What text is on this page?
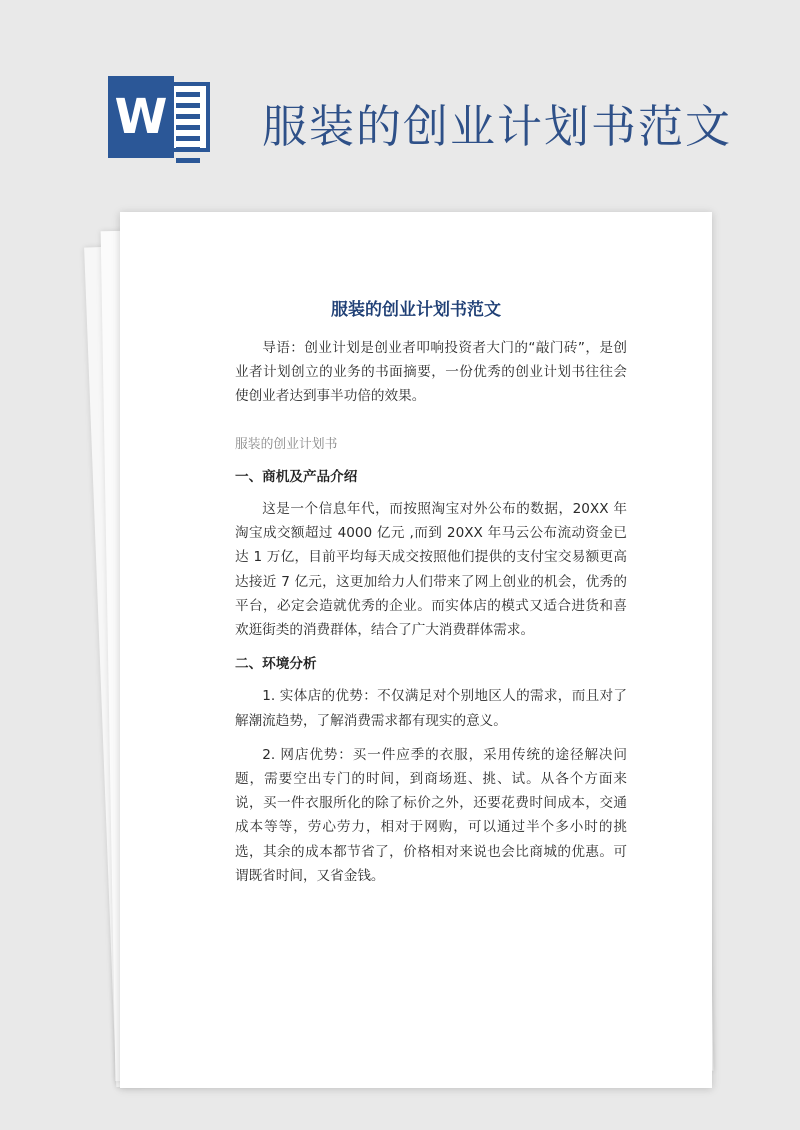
W 服装的创业计划书范文
服装的创业计划书范文

导语：创业计划是创业者叩响投资者大门的“敲门砖”，是创业者计划创立的业务的书面摘要，一份优秀的创业计划书往往会使创业者达到事半功倍的效果。

服装的创业计划书
一、商机及产品介绍

这是一个信息年代，而按照淘宝对外公布的数据，20XX 年淘宝成交额超过 4000 亿元 ,而到 20XX 年马云公布流动资金已达 1 万亿，目前平均每天成交按照他们提供的支付宝交易额更高达接近 7 亿元，这更加给力人们带来了网上创业的机会，优秀的平台，必定会造就优秀的企业。而实体店的模式又适合进货和喜欢逛街类的消费群体，结合了广大消费群体需求。

二、环境分析

1. 实体店的优势：不仅满足对个别地区人的需求，而且对了解潮流趋势，了解消费需求都有现实的意义。

2. 网店优势：买一件应季的衣服，采用传统的途径解决问题，需要空出专门的时间，到商场逛、挑、试。从各个方面来说，买一件衣服所化的除了标价之外，还要花费时间成本，交通成本等等，劳心劳力，相对于网购，可以通过半个多小时的挑选，其余的成本都节省了，价格相对来说也会比商城的优惠。可谓既省时间，又省金钱。
